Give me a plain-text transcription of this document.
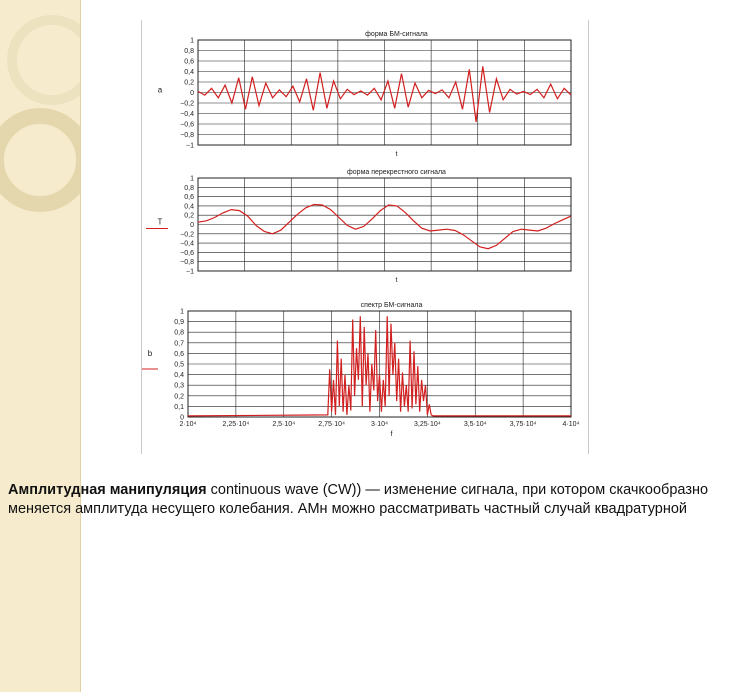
1
0,8
0,6
0,4
0,2
0
−0,2
−0,4
−0,6
−0,8
−1
форма БМ-сигнала
t
a
1
0,8
0,6
0,4
0,2
0
−0,2
−0,4
−0,6
−0,8
−1
форма перекрестного сигнала
t
T
1
0,9
0,8
0,7
0,6
0,5
0,4
0,3
0,2
0,1
0
2·10⁴	2,25·10⁴	2,5·10⁴	2,75·10⁴	3·10⁴	3,25·10⁴	3,5·10⁴	3,75·10⁴	4·10⁴
спектр БМ-сигнала
f
b
Амплитудная манипуляция continuous wave (CW)) — изменение сигнала, при котором скачкообразно меняется амплитуда несущего колебания. АМн можно рассматривать частный случай квадратурной
